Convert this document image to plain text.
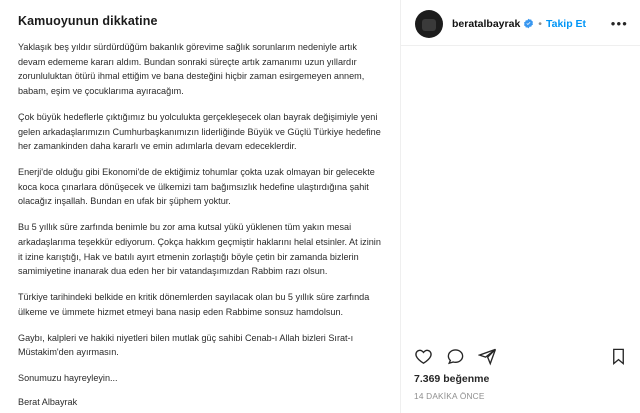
Kamuoyunun dikkatine

Yaklaşık beş yıldır sürdürdüğüm bakanlık görevime sağlık sorunlarım nedeniyle artık devam edememe kararı aldım. Bundan sonraki süreçte artık zamanımı uzun yıllardır zorunluluktan ötürü ihmal ettiğim ve bana desteğini hiçbir zaman esirgemeyen annem, babam, eşim ve çocuklarıma ayıracağım.

Çok büyük hedeflerle çıktığımız bu yolculukta gerçekleşecek olan bayrak değişimiyle yeni gelen arkadaşlarımızın Cumhurbaşkanımızın liderliğinde Büyük ve Güçlü Türkiye hedefine her zamankinden daha kararlı ve emin adımlarla devam edeceklerdir.

Enerji'de olduğu gibi Ekonomi'de de ektiğimiz tohumlar çokta uzak olmayan bir gelecekte koca koca çınarlara dönüşecek ve ülkemizi tam bağımsızlık hedefine ulaştırdığına şahit olacağız inşallah. Bundan en ufak bir şüphem yoktur.

Bu 5 yıllık süre zarfında benimle bu zor ama kutsal yükü yüklenen tüm yakın mesai arkadaşlarıma teşekkür ediyorum. Çokça hakkım geçmiştir haklarını helal etsinler. At izinin it izine karıştığı, Hak ve batılı ayırt etmenin zorlaştığı böyle çetin bir zamanda bizlerin samimiyetine inanarak dua eden her bir vatandaşımızdan Rabbim razı olsun.

Türkiye tarihindeki belkide en kritik dönemlerden sayılacak olan bu 5 yıllık süre zarfında ülkeme ve ümmete hizmet etmeyi bana nasip eden Rabbime sonsuz hamdolsun.

Gaybı, kalpleri ve hakiki niyetleri bilen mutlak güç sahibi Cenab-ı Allah bizleri Sırat-ı Müstakim'den ayırmasın.

Sonumuzu hayreyleyin...

Berat Albayrak

beratalbayrak • Takip Et	•••
7.369 beğenme
14 DAKİKA ÖNCE
